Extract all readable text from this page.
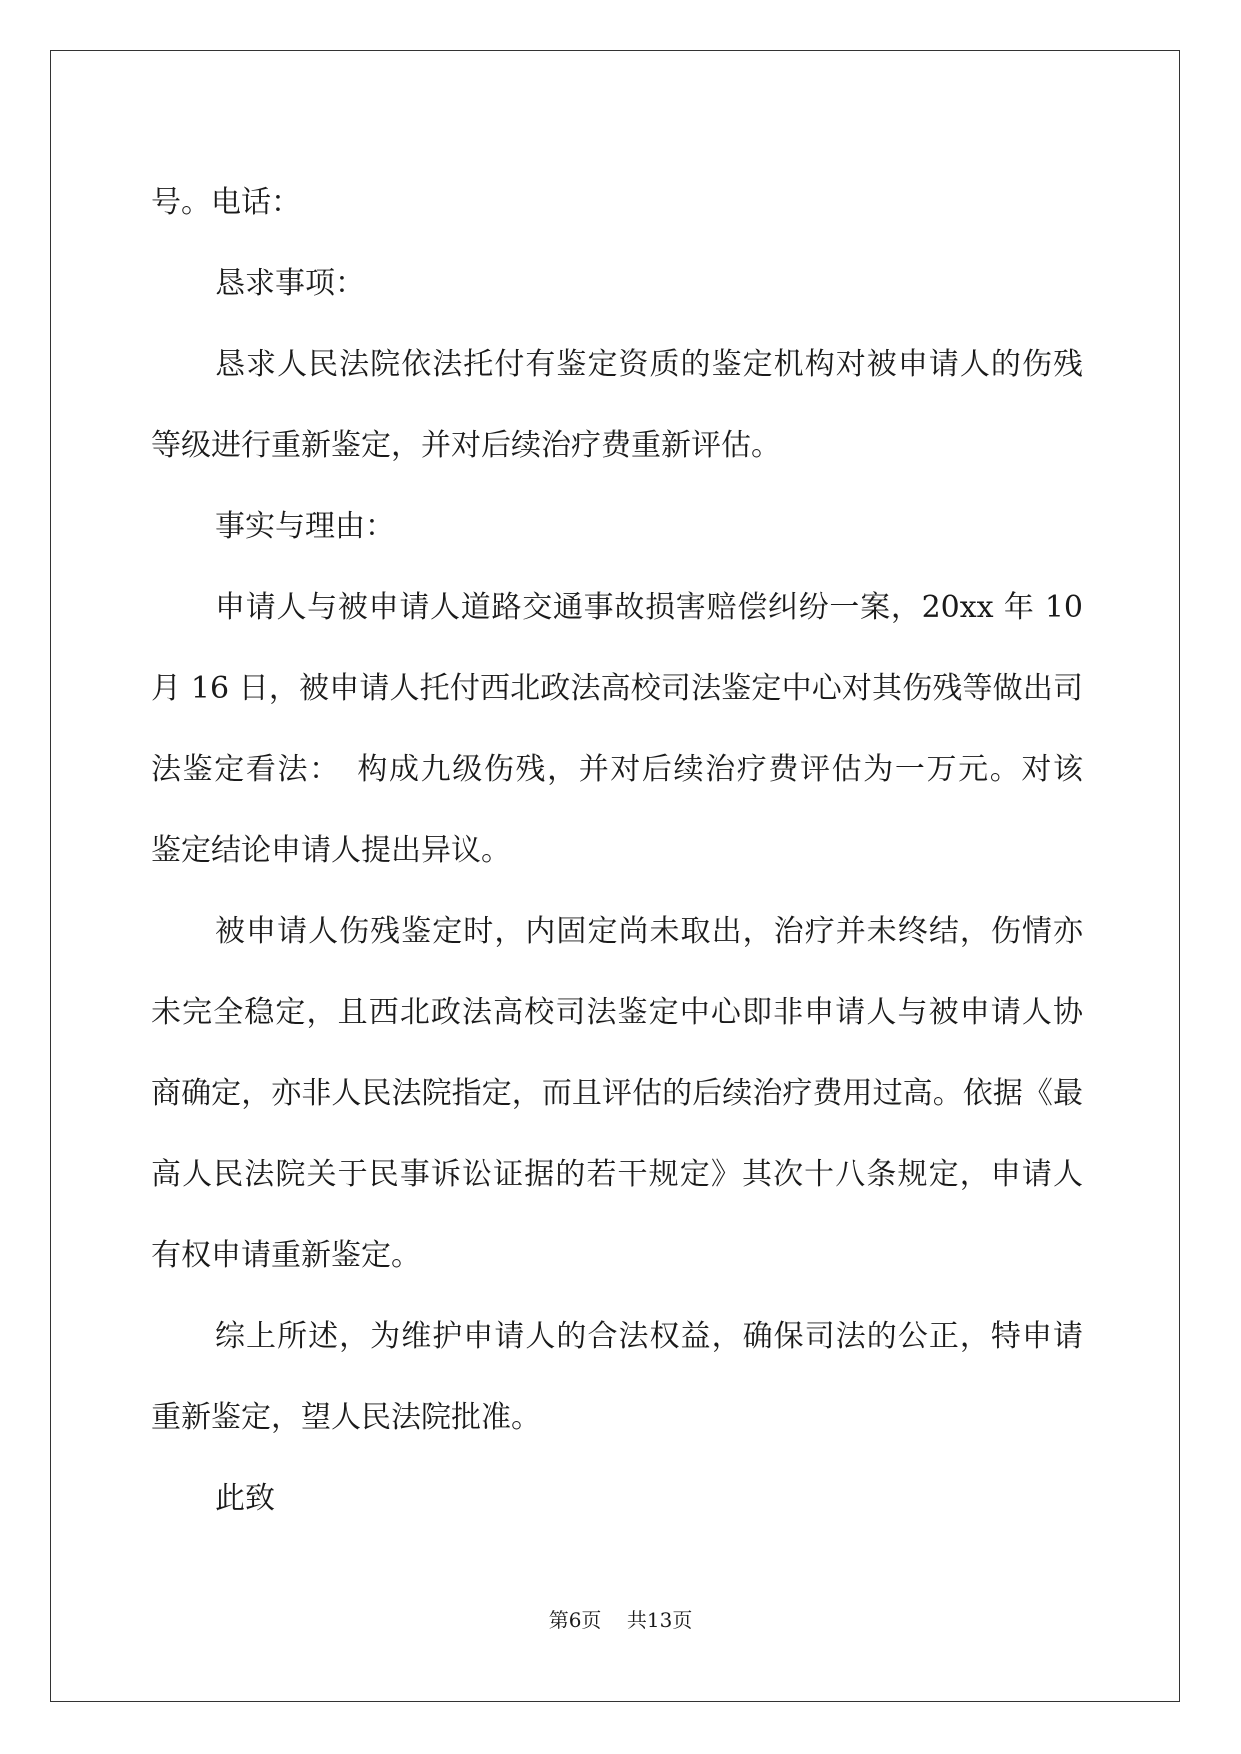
号。电话：
恳求事项：
恳求人民法院依法托付有鉴定资质的鉴定机构对被申请人的伤残
等级进行重新鉴定，并对后续治疗费重新评估。
事实与理由：
申请人与被申请人道路交通事故损害赔偿纠纷一案，20xx 年 10
月 16 日，被申请人托付西北政法高校司法鉴定中心对其伤残等做出司
法鉴定看法：　构成九级伤残，并对后续治疗费评估为一万元。对该
鉴定结论申请人提出异议。
被申请人伤残鉴定时，内固定尚未取出，治疗并未终结，伤情亦
未完全稳定，且西北政法高校司法鉴定中心即非申请人与被申请人协
商确定，亦非人民法院指定，而且评估的后续治疗费用过高。依据《最
高人民法院关于民事诉讼证据的若干规定》其次十八条规定，申请人
有权申请重新鉴定。
综上所述，为维护申请人的合法权益，确保司法的公正，特申请
重新鉴定，望人民法院批准。
此致
第6页 共13页
